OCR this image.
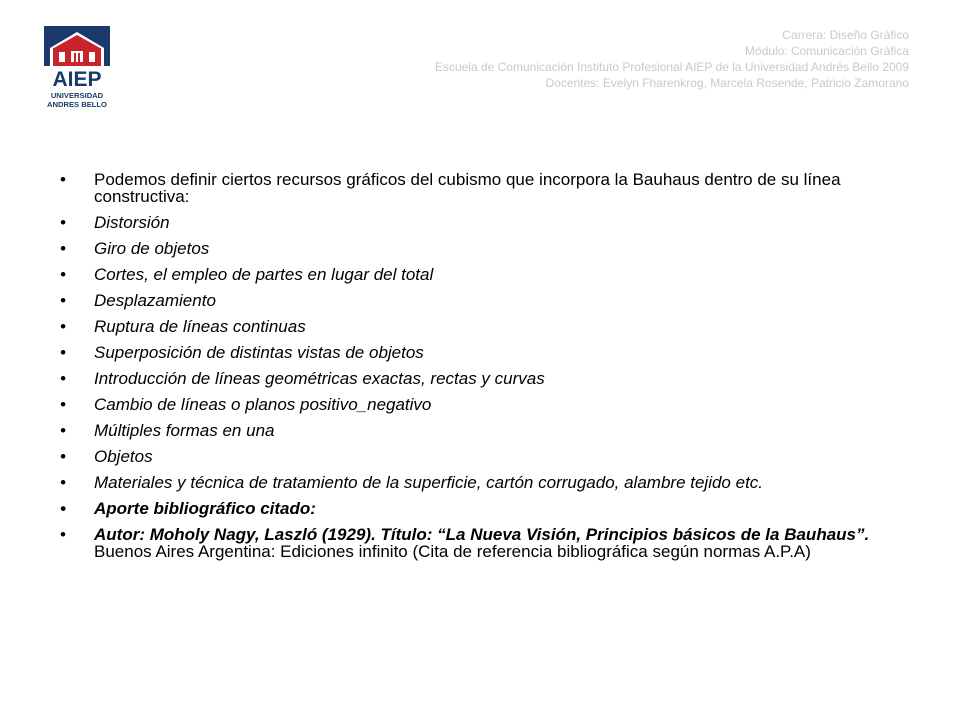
AIEP
UNIVERSIDAD
ANDRES BELLO
Carrera: Diseño Gráfico
Módulo: Comunicación Gráfica
Escuela de Comunicación Instituto Profesional AIEP de la Universidad Andrés Bello 2009
Docentes: Evelyn Fharenkrog, Marcela Rosende, Patricio Zamorano
• Podemos definir ciertos recursos gráficos del cubismo que incorpora la Bauhaus dentro de su línea constructiva:
• Distorsión
• Giro de objetos
• Cortes, el empleo de partes en lugar del total
• Desplazamiento
• Ruptura de líneas continuas
• Superposición de distintas vistas de objetos
• Introducción de líneas geométricas exactas, rectas y curvas
• Cambio de líneas o planos positivo_negativo
• Múltiples formas en una
• Objetos
• Materiales y técnica de tratamiento de la superficie, cartón corrugado, alambre tejido etc.
• Aporte bibliográfico citado:
• Autor: Moholy Nagy, Laszló (1929). Título: “La Nueva Visión, Principios básicos de la Bauhaus”. Buenos Aires Argentina: Ediciones infinito (Cita de referencia bibliográfica según normas A.P.A)
